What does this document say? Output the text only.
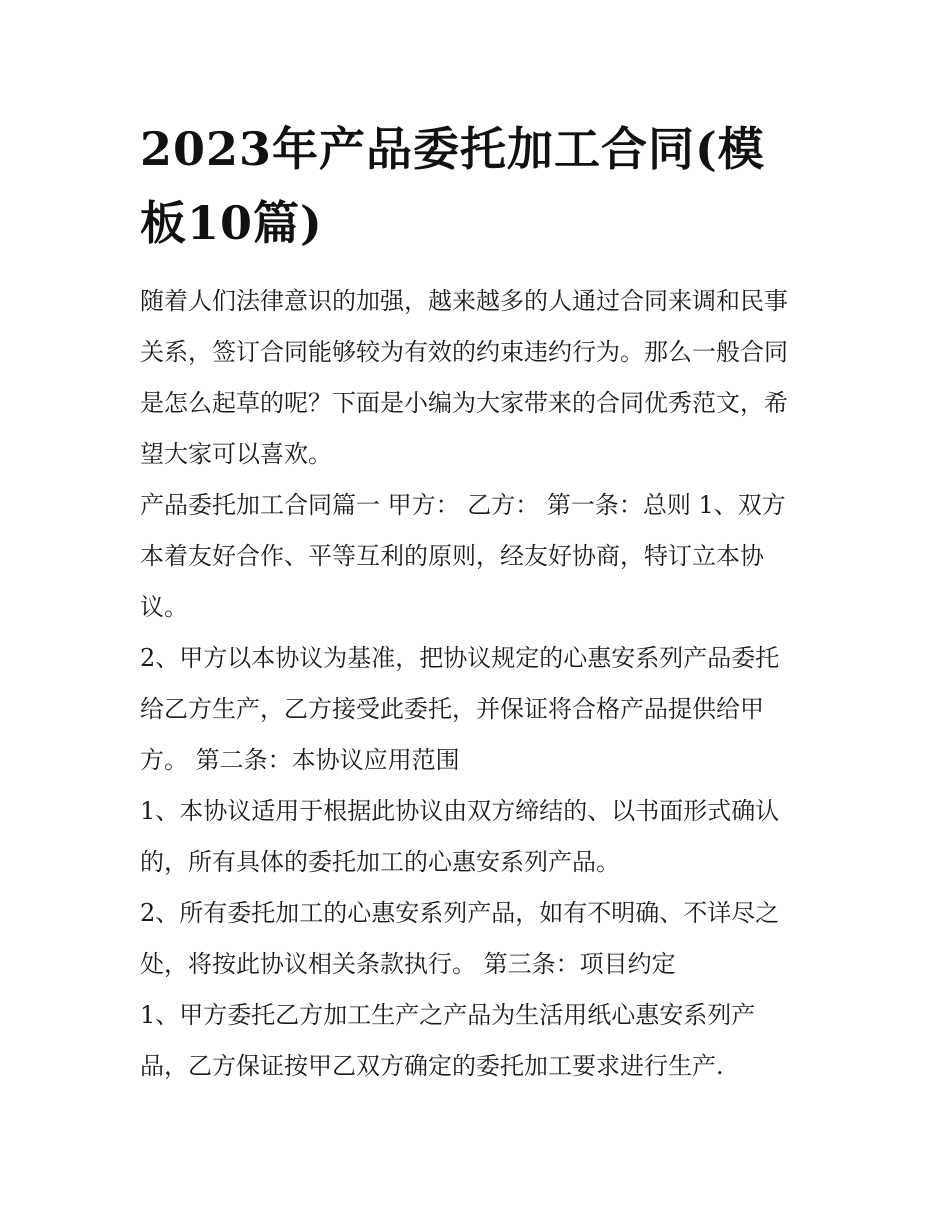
2023年产品委托加工合同(模
板10篇)

随着人们法律意识的加强，越来越多的人通过合同来调和民事
关系，签订合同能够较为有效的约束违约行为。那么一般合同
是怎么起草的呢？下面是小编为大家带来的合同优秀范文，希
望大家可以喜欢。

产品委托加工合同篇一 甲方： 乙方： 第一条：总则 1、双方
本着友好合作、平等互利的原则，经友好协商，特订立本协
议。

2、甲方以本协议为基准，把协议规定的心惠安系列产品委托
给乙方生产，乙方接受此委托，并保证将合格产品提供给甲
方。 第二条：本协议应用范围

1、本协议适用于根据此协议由双方缔结的、以书面形式确认
的，所有具体的委托加工的心惠安系列产品。

2、所有委托加工的心惠安系列产品，如有不明确、不详尽之
处，将按此协议相关条款执行。 第三条：项目约定

1、甲方委托乙方加工生产之产品为生活用纸心惠安系列产
品，乙方保证按甲乙双方确定的委托加工要求进行生产.
